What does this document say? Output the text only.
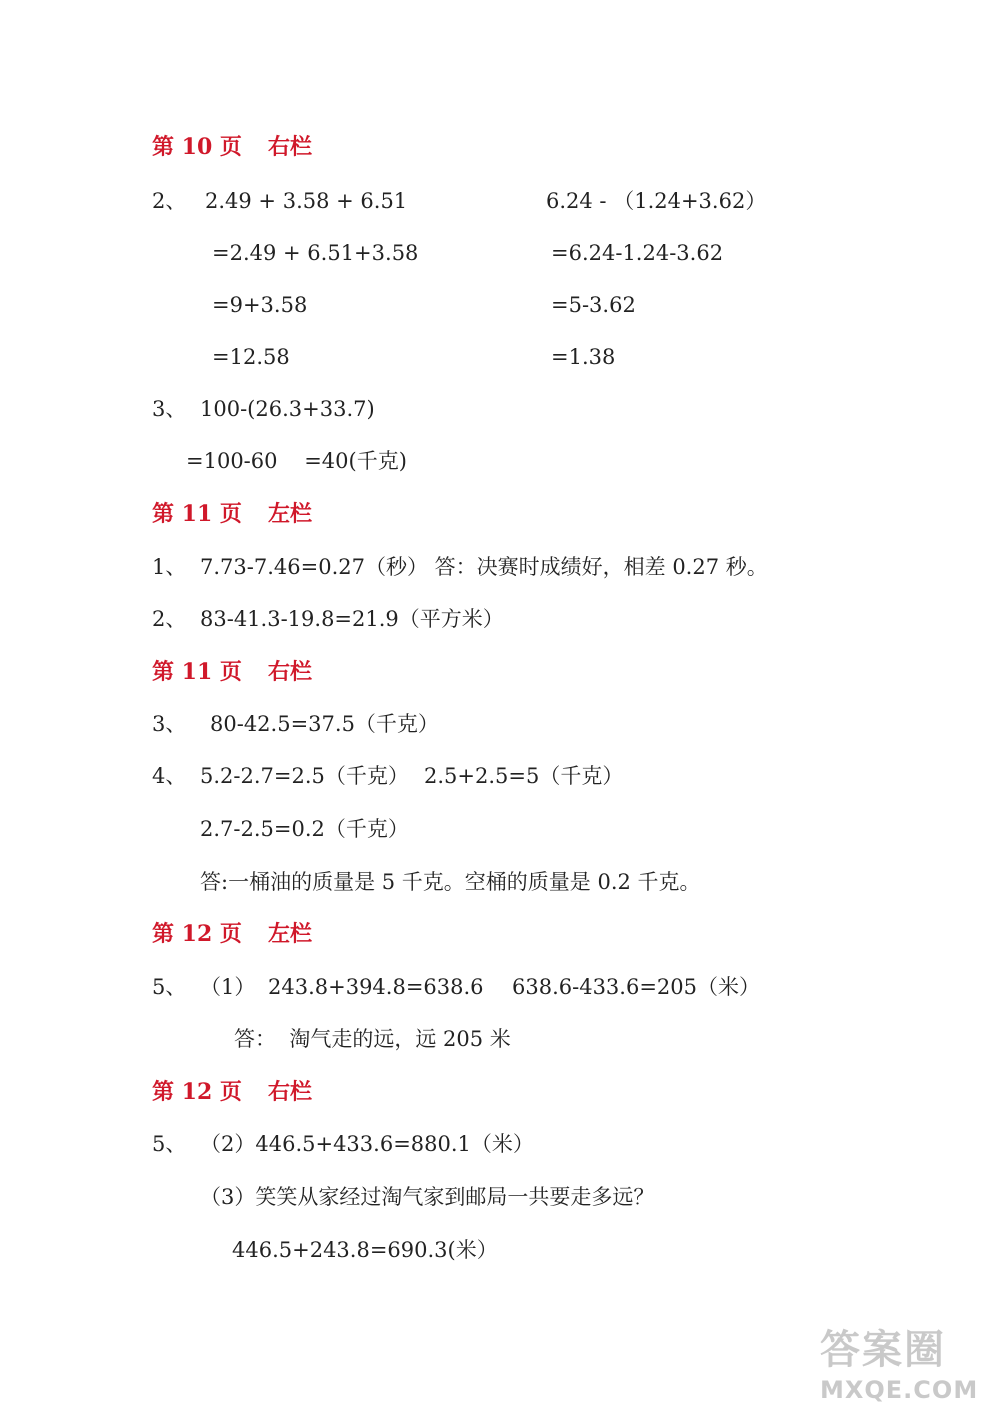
第 10 页 右栏
2、 2.49 + 3.58 + 6.51	6.24 - （1.24+3.62）
=2.49 + 6.51+3.58	=6.24-1.24-3.62
=9+3.58	=5-3.62
=12.58	=1.38
3、 100-(26.3+33.7)
=100-60    =40(千克)
第 11 页 左栏
1、 7.73-7.46=0.27（秒） 答：决赛时成绩好，相差 0.27 秒。
2、 83-41.3-19.8=21.9（平方米）
第 11 页 右栏
3、 80-42.5=37.5（千克）
4、 5.2-2.7=2.5（千克） 2.5+2.5=5（千克）
2.7-2.5=0.2（千克）
答:一桶油的质量是 5 千克。空桶的质量是 0.2 千克。
第 12 页 左栏
5、 （1） 243.8+394.8=638.6 638.6-433.6=205（米）
答：  淘气走的远，远 205 米
第 12 页 右栏
5、 （2）446.5+433.6=880.1（米）
（3）笑笑从家经过淘气家到邮局一共要走多远？
446.5+243.8=690.3(米）
答案圈
MXQE.COM
